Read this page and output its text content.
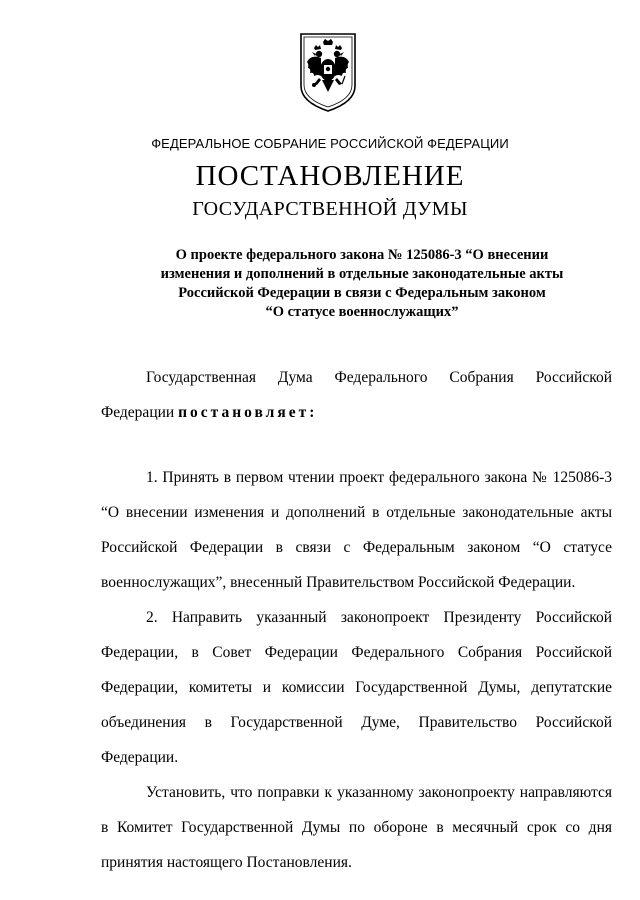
ФЕДЕРАЛЬНОЕ СОБРАНИЕ РОССИЙСКОЙ ФЕДЕРАЦИИ
ПОСТАНОВЛЕНИЕ
ГОСУДАРСТВЕННОЙ ДУМЫ
О проекте федерального закона № 125086-3 “О внесении
изменения и дополнений в отдельные законодательные акты
Российской Федерации в связи с Федеральным законом
“О статусе военнослужащих”
Государственная Дума Федерального Собрания Российской
Федерации постановляет:
1. Принять в первом чтении проект федерального закона № 125086-3 “О внесении изменения и дополнений в отдельные законодательные акты Российской Федерации в связи с Федеральным законом “О статусе военнослужащих”, внесенный Правительством Российской Федерации.
2. Направить указанный законопроект Президенту Российской Федерации, в Совет Федерации Федерального Собрания Российской Федерации, комитеты и комиссии Государственной Думы, депутатские объединения в Государственной Думе, Правительство Российской Федерации.
Установить, что поправки к указанному законопроекту направляются в Комитет Государственной Думы по обороне в месячный срок со дня принятия настоящего Постановления.
